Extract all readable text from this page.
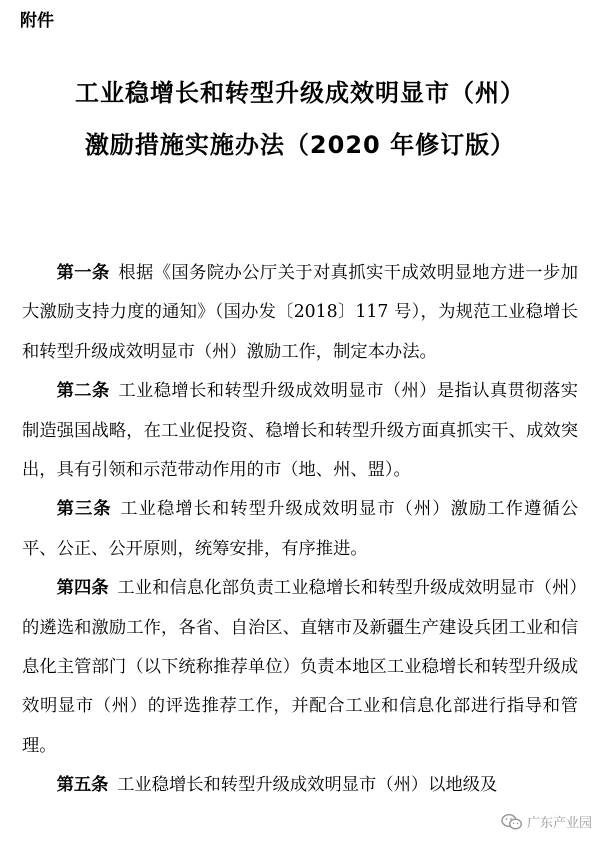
附件
工业稳增长和转型升级成效明显市（州）
激励措施实施办法（2020 年修订版）

第一条 根据《国务院办公厅关于对真抓实干成效明显地方进一步加大激励支持力度的通知》（国办发〔2018〕117 号），为规范工业稳增长和转型升级成效明显市（州）激励工作，制定本办法。

第二条 工业稳增长和转型升级成效明显市（州）是指认真贯彻落实制造强国战略，在工业促投资、稳增长和转型升级方面真抓实干、成效突出，具有引领和示范带动作用的市（地、州、盟）。

第三条 工业稳增长和转型升级成效明显市（州）激励工作遵循公平、公正、公开原则，统筹安排，有序推进。

第四条 工业和信息化部负责工业稳增长和转型升级成效明显市（州）的遴选和激励工作，各省、自治区、直辖市及新疆生产建设兵团工业和信息化主管部门（以下统称推荐单位）负责本地区工业稳增长和转型升级成效明显市（州）的评选推荐工作，并配合工业和信息化部进行指导和管理。

第五条 工业稳增长和转型升级成效明显市（州）以地级及

广东产业园
